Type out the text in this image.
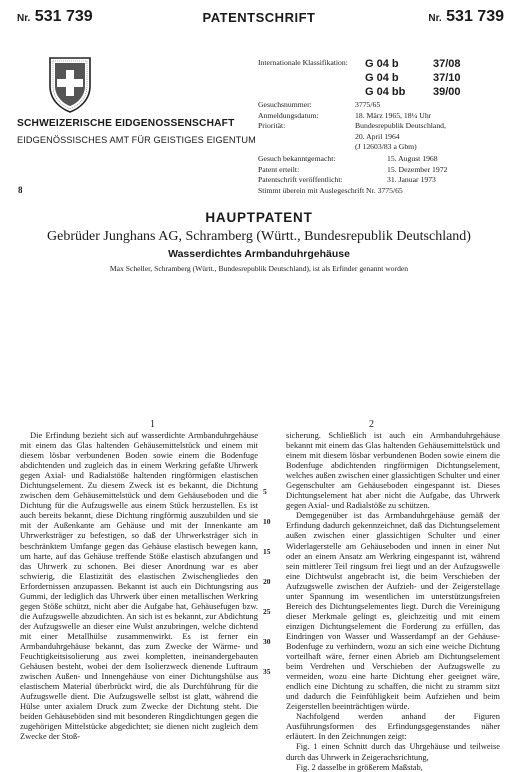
Nr. 531 739	PATENTSCHRIFT	Nr. 531 739
SCHWEIZERISCHE EIDGENOSSENSCHAFT
EIDGENÖSSISCHES AMT FÜR GEISTIGES EIGENTUM
8
Internationale Klassifikation: G 04 b	37/08
G 04 b	37/10
G 04 bb	39/00
Gesuchsnummer:	3775/65
Anmeldungsdatum:	18. März 1965, 18¼ Uhr
Priorität:	Bundesrepublik Deutschland,
20. April 1964
(J 12603/83 a Gbm)
Gesuch bekanntgemacht:	15. August 1968
Patent erteilt:	15. Dezember 1972
Patentschrift veröffentlicht:	31. Januar 1973
Stimmt überein mit Auslegeschrift Nr. 3775/65
HAUPTPATENT
Gebrüder Junghans AG, Schramberg (Württ., Bundesrepublik Deutschland)
Wasserdichtes Armbanduhrgehäuse
Max Scheller, Schramberg (Württ., Bundesrepublik Deutschland), ist als Erfinder genannt worden
1	2

Die Erfindung bezieht sich auf wasserdichte Armbanduhrgehäuse mit einem das Glas haltenden Gehäusemittelstück und einem mit diesem lösbar verbundenen Boden sowie einem die Bodenfuge abdichtenden und zugleich das in einem Werkring gefaßte Uhrwerk gegen Axial- und Radialstöße haltenden ringförmigen elastischen Dichtungselement. Zu diesem Zweck ist es bekannt, die Dichtung zwischen dem Gehäusemittelstück und dem Gehäuseboden und die Dichtung für die Aufzugswelle aus einem Stück herzustellen. Es ist auch bereits bekannt, diese Dichtung ringförmig auszubilden und sie mit der Außenkante am Gehäuse und mit der Innenkante am Uhrwerksträger zu befestigen, so daß der Uhrwerksträger sich in beschränktem Umfange gegen das Gehäuse elastisch bewegen kann, um harte, auf das Gehäuse treffende Stöße elastisch abzufangen und das Uhrwerk zu schonen. Bei dieser Anordnung war es aber schwierig, die Elastizität des elastischen Zwischengliedes den Erfordernissen anzupassen. Bekannt ist auch ein Dichtungsring aus Gummi, der lediglich das Uhrwerk über einen metallischen Werkring gegen Stöße schützt, nicht aber die Aufgabe hat, Gehäusefugen bzw. die Aufzugswelle abzudichten. An sich ist es bekannt, zur Abdichtung der Aufzugswelle an dieser eine Wulst anzubringen, welche dichtend mit einer Metallhülse zusammenwirkt. Es ist ferner ein Armbanduhrgehäuse bekannt, das zum Zwecke der Wärme- und Feuchtigkeitsisolierung aus zwei kompletten, ineinandergebauten Gehäusen besteht, wobei der dem Isolierzweck dienende Luftraum zwischen Außen- und Innengehäuse von einer Dichtungshülse aus elastischem Material überbrückt wird, die als Durchführung für die Aufzugswelle dient. Die Aufzugswelle selbst ist glatt, während die Hülse unter axialem Druck zum Zwecke der Dichtung steht. Die beiden Gehäuseböden sind mit besonderen Ringdichtungen gegen die zugehörigen Mittelstücke abgedichtet; sie dienen nicht zugleich dem Zwecke der Stoß-

5
10
15
20
25
30
35

sicherung. Schließlich ist auch ein Armbanduhrgehäuse bekannt mit einem das Glas haltenden Gehäusemittelstück und einem mit diesem lösbar verbundenen Boden sowie einem die Bodenfuge abdichtenden ringförmigen Dichtungselement, welches außen zwischen einer glassichtigen Schulter und einer Gegenschulter am Gehäuseboden eingespannt ist. Dieses Dichtungselement hat aber nicht die Aufgabe, das Uhrwerk gegen Axial- und Radialstöße zu schützen.

Demgegenüber ist das Armbanduhrgehäuse gemäß der Erfindung dadurch gekennzeichnet, daß das Dichtungselement außen zwischen einer glassichtigen Schulter und einer Widerlagerstelle am Gehäuseboden und innen in einer Nut oder an einem Ansatz am Werkring eingespannt ist, während sein mittlerer Teil ringsum frei liegt und an der Aufzugswelle eine Dichtwulst angebracht ist, die beim Verschieben der Aufzugswelle zwischen der Aufzieh- und der Zeigerstellage unter Spannung im wesentlichen im unterstützungsfreien Bereich des Dichtungselementes liegt. Durch die Vereinigung dieser Merkmale gelingt es, gleichzeitig und mit einem einzigen Dichtungselement die Forderung zu erfüllen, das Eindringen von Wasser und Wasserdampf an der Gehäuse-Bodenfuge zu verhindern, wozu an sich eine weiche Dichtung vorteilhaft wäre, ferner einen Abrieb am Dichtungselement beim Verdrehen und Verschieben der Aufzugswelle zu vermeiden, wozu eine harte Dichtung eher geeignet wäre, endlich eine Dichtung zu schaffen, die nicht zu stramm sitzt und dadurch die Feinfühligkeit beim Aufziehen und beim Zeigerstellen beeinträchtigen würde.

Nachfolgend werden anhand der Figuren Ausführungsformen des Erfindungsgegenstandes näher erläutert. In den Zeichnungen zeigt:

Fig. 1 einen Schnitt durch das Uhrgehäuse und teilweise durch das Uhrwerk in Zeigerachsrichtung,

Fig. 2 dasselbe in größerem Maßstab,
